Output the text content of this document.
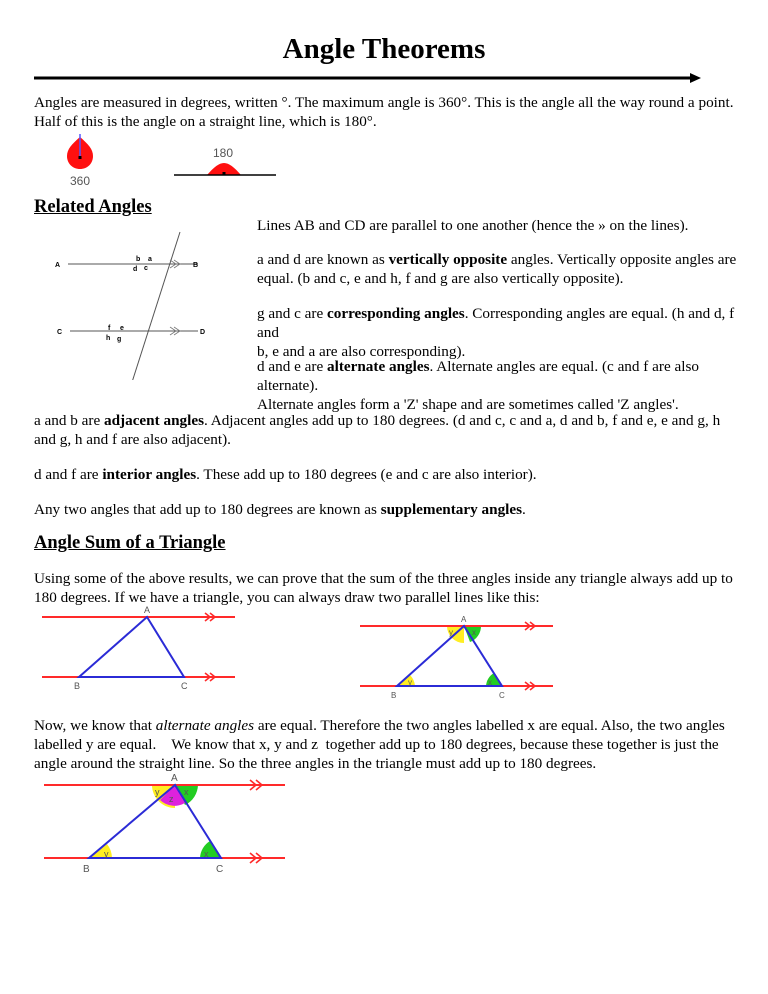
Angle Theorems
Angles are measured in degrees, written °. The maximum angle is 360°. This is the angle all the way round a point.
Half of this is the angle on a straight line, which is 180°.
360
180
Related Angles
A	B
C	D
b a
d c
f e
h g
Lines AB and CD are parallel to one another (hence the » on the lines).
a and d are known as vertically opposite angles. Vertically opposite angles are
equal. (b and c, e and h, f and g are also vertically opposite).
g and c are corresponding angles. Corresponding angles are equal. (h and d, f and
b, e and a are also corresponding).
d and e are alternate angles. Alternate angles are equal. (c and f are also alternate).
Alternate angles form a 'Z' shape and are sometimes called 'Z angles'.
a and b are adjacent angles. Adjacent angles add up to 180 degrees. (d and c, c and a, d and b, f and e, e and g, h
and g, h and f are also adjacent).
d and f are interior angles. These add up to 180 degrees (e and c are also interior).
Any two angles that add up to 180 degrees are known as supplementary angles.
Angle Sum of a Triangle
Using some of the above results, we can prove that the sum of the three angles inside any triangle always add up to
180 degrees. If we have a triangle, you can always draw two parallel lines like this:
A
B	C
A
B	C
y x
y	x
Now, we know that alternate angles are equal. Therefore the two angles labelled x are equal. Also, the two angles
labelled y are equal.    We know that x, y and z  together add up to 180 degrees, because these together is just the
angle around the straight line. So the three angles in the triangle must add up to 180 degrees.
A
B	C
y	x
z
y	x
